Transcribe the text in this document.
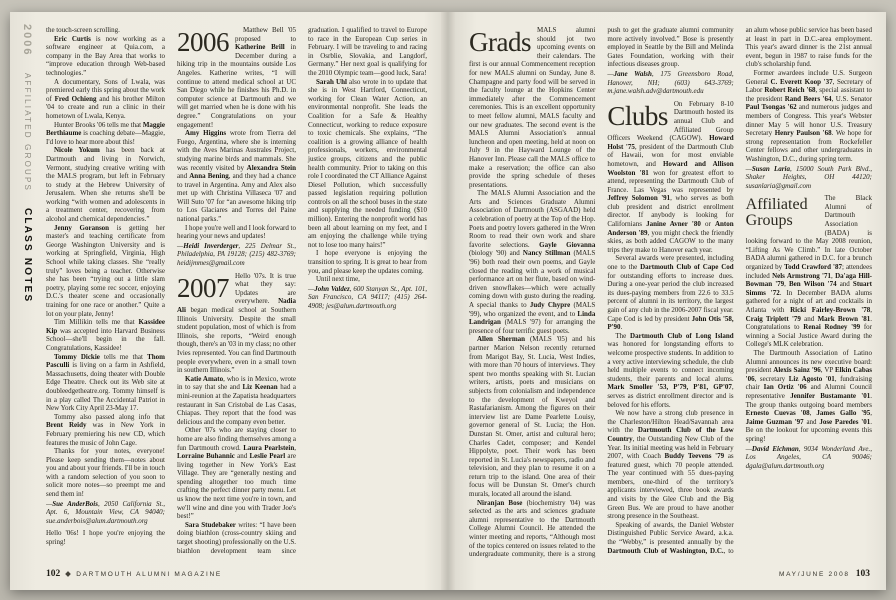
2006 AFFILIATED GROUPS CLASS NOTES

the touch-screen scrolling.

Eric Curtis is now working as a software engineer at Quia.com, a company in the Bay Area that works to “improve education through Web-based technologies.”

A documentary, Sons of Lwala, was premiered early this spring about the work of Fred Ochieng and his brother Milton '04 to create and run a clinic in their hometown of Lwala, Kenya.

Hunter Brooks '06 tells me that Maggie Berthiaume is coaching debate—Maggie, I'd love to hear more about this!

Nicole Yokum has been back at Dartmouth and living in Norwich, Vermont, studying creative writing with the MALS program, but left in February to study at the Hebrew University of Jerusalem. When she returns she'll be working “with women and adolescents in a treatment center, recovering from alcohol and chemical dependencies.”

Jenny Goranson is getting her master's and teaching certificate from George Washington University and is working at Springfield, Virginia, High School while taking classes. She “really truly” loves being a teacher. Otherwise she has been “trying out a little slam poetry, playing some rec soccer, enjoying D.C.'s theater scene and occasionally training for one race or another.” Quite a lot on your plate, Jenny!

Tim Millikin tells me that Kassidee Kip was accepted into Harvard Business School—she'll begin in the fall. Congratulations, Kassidee!

Tommy Dickie tells me that Thom Pasculli is living on a farm in Ashfield, Massachusetts, doing theater with Double Edge Theatre. Check out its Web site at doubleedgetheatre.org. Tommy himself is in a play called The Accidental Patriot in New York City April 23-May 17.

Tommy also passed along info that Brent Reidy was in New York in February premiering his new CD, which features the music of John Cage.

Thanks for your notes, everyone! Please keep sending them—notes about you and about your friends. I'll be in touch with a random selection of you soon to solicit more notes—so preempt me and send them in!

—Sue AnderBois, 2050 California St., Apt. 6, Mountain View, CA 94040; sue.anderbois@alum.dartmouth.org

2006

Hello '06s! I hope you're enjoying the spring!

Matthew Bell '05 proposed to Katherine Brill in December during a hiking trip in the mountains outside Los Angeles. Katherine writes, “I will continue to attend medical school at UC San Diego while he finishes his Ph.D. in computer science at Dartmouth and we will get married when he is done with his degree.” Congratulations on your engagement!

Amy Higgins wrote from Tierra del Fuego, Argentina, where she is interning with the Aves Marinas Australes Project, studying marine birds and mammals. She was recently visited by Alexandra Stein and Anna Bening, and they had a chance to travel in Argentina. Amy and Alex also met up with Christina Villaseca '07 and Will Suto '07 for “an awesome hiking trip to Los Glaciares and Torres del Paine national parks.”

I hope you're well and I look forward to hearing your news and updates!

—Heidi Inverderger, 225 Delmar St., Philadelphia, PA 19128; (215) 482-3769; heidijmmes@gmail.com

2007 Hello '07s. It is true what they say: Updates are everywhere. Nadia Ali began medical school at Southern Illinois University. Despite the small student population, most of which is from Illinois, she reports, “Weird enough though, there's an '03 in my class; no other Ivies represented. You can find Dartmouth people everywhere, even in a small town in southern Illinois.”

Katie Amato, who is in Mexico, wrote in to say that she and Liz Keenan had a mini-reunion at the Zapatista headquarters restaurant in San Cristobal de Las Casas, Chiapas. They report that the food was delicious and the company even better.

Other '07s who are staying closer to home are also finding themselves among a fun Dartmouth crowd. Laura Pearlstein, Lorraine Buhannic and Leslie Pearl are living together in New York's East Village. They are “generally nesting and spending altogether too much time crafting the perfect dinner party menu. Let us know the next time you're in town, and we'll wine and dine you with Trader Joe's best!”

Sara Studebaker writes: “I have been doing biathlon (cross-country skiing and target shooting) professionally on the U.S. biathlon development team since graduation. I qualified to travel to Europe to race in the European Cup series in February. I will be traveling to and racing in Osrblie, Slovakia, and Langdorf, Germany.” Her next goal is qualifying for the 2010 Olympic team—good luck, Sara!

Sarah Uhl also wrote in to update that she is in West Hartford, Connecticut, working for Clean Water Action, an environmental nonprofit. She leads the Coalition for a Safe & Healthy Connecticut, working to reduce exposure to toxic chemicals. She explains, “The coalition is a growing alliance of health professionals, workers, environmental justice groups, citizens and the public health community. Prior to taking on this role I coordinated the CT Alliance Against Diesel Pollution, which successfully passed legislation requiring pollution controls on all the school buses in the state and supplying the needed funding ($10 million). Entering the nonprofit world has been all about learning on my feet, and I am enjoying the challenge while trying not to lose too many hairs!”

I hope everyone is enjoying the transition to spring. It is great to hear from you, and please keep the updates coming.

Until next time,

—John Valdez, 600 Stanyan St., Apt. 101, San Francisco, CA 94117; (415) 264-4908; jes@alum.dartmouth.org

102 DARTMOUTH ALUMNI MAGAZINE
Grads MALS alumni should jot two upcoming events on their calendars. The first is our annual Commencement reception for new MALS alumni on Sunday, June 8. Champagne and party food will be served in the faculty lounge at the Hopkins Center immediately after the Commencement ceremonies. This is an excellent opportunity to meet fellow alumni, MALS faculty and our new graduates. The second event is the MALS Alumni Association's annual luncheon and open meeting, held at noon on July 9 in the Hayward Lounge of the Hanover Inn. Please call the MALS office to make a reservation; the office can also provide the spring schedule of theses presentations.

The MALS Alumni Association and the Arts and Sciences Graduate Alumni Association of Dartmouth (ASGAAD) held a celebration of poetry at the Top of the Hop. Poets and poetry lovers gathered in the Wren Room to read their own work and share favorite selections. Gayle Giovanna (biology '90) and Nancy Stillman (MALS '96) both read their own poems, and Gayle closed the reading with a work of musical performance art on her flute, based on wind-driven snowflakes—which were actually coming down with gusto during the reading. A special thanks to Judy Chypre (MALS '99), who organized the event, and to Linda Landrigan (MALS '97) for arranging the presence of four terrific guest poets.

Allen Sherman (MALS '05) and his partner Marion Nelson recently returned from Marigot Bay, St. Lucia, West Indies, with more than 70 hours of interviews. They spent two months speaking with St. Lucian writers, artists, poets and musicians on subjects from colonialism and independence to the development of Kweyol and Rastafarianism. Among the figures on their interview list are Dame Pearlette Louisy, governor general of St. Lucia; the Hon. Dunstan St. Omer, artist and cultural hero; Charles Cadet, composer; and Kendel Hippolyte, poet. Their work has been reported in St. Lucia's newspapers, radio and television, and they plan to resume it on a return trip to the island. One area of their focus will be Dunstan St. Omer's church murals, located all around the island.

Niranjan Bose (biochemistry '04) was selected as the arts and sciences graduate alumni representative to the Dartmouth College Alumni Council. He attended the winter meeting and reports, “Although most of the topics centered on issues related to the undergraduate community, there is a strong push to get the graduate alumni community more actively involved.” Bose is presently employed in Seattle by the Bill and Melinda Gates Foundation, working with their infectious diseases group.

—Jane Walsh, 175 Greensboro Road, Hanover, NH; (603) 643-3769; m.jane.walsh.adv@dartmouth.edu

Clubs On February 8-10 Dartmouth hosted its annual Club and Affiliated Group Officers Weekend (CAGOW). Howard Holst '75, president of the Dartmouth Club of Hawaii, won for most enviable hometown, and Howard and Allison Woolston '81 won for greatest effort to attend, representing the Dartmouth Club of France. Las Vegas was represented by Jeffrey Solomon '91, who serves as both club president and district enrollment director. If anybody is looking for Californians Janine Avner '80 or Anton Anderson '89, you might check the friendly skies, as both added CAGOW to the many trips they make to Hanover each year.

Several awards were presented, including one to the Dartmouth Club of Cape Cod for outstanding efforts to increase dues. During a one-year period the club increased its dues-paying members from 22.6 to 33.5 percent of alumni in its territory, the largest gain of any club in the 2006-2007 fiscal year. Cape Cod is led by president John Otis '58, P'90.

The Dartmouth Club of Long Island was honored for longstanding efforts to welcome prospective students. In addition to a very active interviewing schedule, the club held multiple events to connect incoming students, their parents and local alums. Mark Smoller '53, P'79, P'81, GP'07, serves as district enrollment director and is beloved for his efforts.

We now have a strong club presence in the Charleston/Hilton Head/Savannah area with the Dartmouth Club of the Low Country, the Outstanding New Club of the Year. Its initial meeting was held in February 2007, with Coach Buddy Teevens '79 as featured guest, which 70 people attended. The year continued with 55 dues-paying members, one-third of the territory's applicants interviewed, three book awards and visits by the Glee Club and the Big Green Bus. We are proud to have another strong presence in the Southeast.

Speaking of awards, the Daniel Webster Distinguished Public Service Award, a.k.a. the “Webby,” is presented annually by the Dartmouth Club of Washington, D.C., to an alum whose public service has been based at least in part in D.C.-area employment. This year's award dinner is the 21st annual event, begun in 1987 to raise funds for the club's scholarship fund.

Former awardees include U.S. Surgeon General C. Everett Koop '37, Secretary of Labor Robert Reich '68, special assistant to the president Rand Beers '64, U.S. Senator Paul Tsongas '62 and numerous judges and members of Congress. This year's Webster dinner May 5 will honor U.S. Treasury Secretary Henry Paulson '68. We hope for strong representation from Rockefeller Center fellows and other undergraduates in Washington, D.C., during spring term.

—Susan Laria, 15000 South Park Blvd., Shaker Heights, OH 44120; susanlaria@gmail.com

Affiliated Groups

The Black Alumni of Dartmouth Association (BADA) is looking forward to the May 2008 reunion, “Lifting As We Climb.” In late October BADA alumni gathered in D.C. for a brunch organized by Todd Crawford '87; attendees included Nels Armstrong '71, Da'aga Hill-Bowman '79, Ben Wilson '74 and Stuart Simms '72. In December BADA alums gathered for a night of art and cocktails in Atlanta with Ricki Fairley-Brown '78, Craig Triplett '79 and Mark Brown '81. Congratulations to Renai Rodney '99 for winning a Social Justice Award during the College's MLK celebration.

The Dartmouth Association of Latino Alumni announces its new executive board: president Alexis Sainz '96, VP Elkin Cabas '06, secretary Liz Agosto '01, fundraising chair Ian Ortiz '06 and Alumni Council representative Jennifer Bustamante '01. The group thanks outgoing board members Ernesto Cuevas '08, James Gallo '95, Jaime Guzman '97 and Jose Paredes '01. Be on the lookout for upcoming events this spring!

—David Eichman, 9034 Wonderland Ave., Los Angeles, CA 90046; dgala@alum.dartmouth.org

MAY/JUNE 2008 103
